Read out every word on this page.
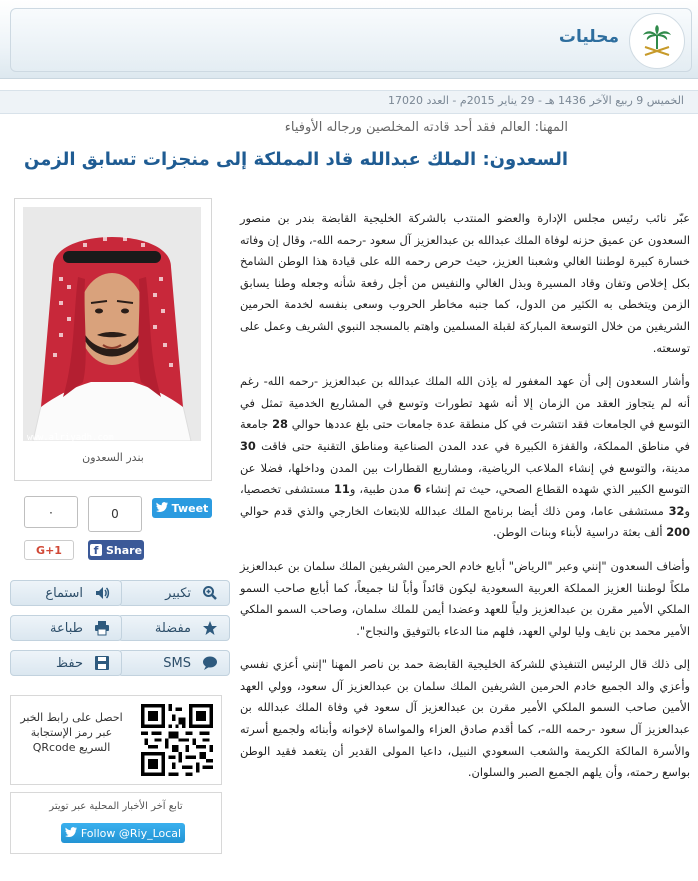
محليات
الخميس 9 ربيع الآخر 1436 هـ - 29 يناير 2015م - العدد 17020
المهنا: العالم فقد أحد قادته المخلصين ورجاله الأوفياء
السعدون: الملك عبدالله قاد المملكة إلى منجزات تسابق الزمن

عبّر نائب رئيس مجلس الإدارة والعضو المنتدب بالشركة الخليجية القابضة بندر بن منصور السعدون عن عميق حزنه لوفاة الملك عبدالله بن عبدالعزيز آل سعود -رحمه الله-، وقال إن وفاته خسارة كبيرة لوطننا الغالي وشعبنا العزيز، حيث حرص رحمه الله على قيادة هذا الوطن الشامخ بكل إخلاص وتفان وقاد المسيرة وبذل الغالي والنفيس من أجل رفعة شأنه وجعله وطنا يسابق الزمن ويتخطى به الكثير من الدول، كما جنبه مخاطر الحروب وسعى بنفسه لخدمة الحرمين الشريفين من خلال التوسعة المباركة لقبلة المسلمين واهتم بالمسجد النبوي الشريف وعمل على توسعته.

وأشار السعدون إلى أن عهد المغفور له بإذن الله الملك عبدالله بن عبدالعزيز -رحمه الله- رغم أنه لم يتجاوز العقد من الزمان إلا أنه شهد تطورات وتوسع في المشاريع الخدمية تمثل في التوسع في الجامعات فقد انتشرت في كل منطقة عدة جامعات حتى بلغ عددها حوالي 28 جامعة في مناطق المملكة، والقفزة الكبيرة في عدد المدن الصناعية ومناطق التقنية حتى فاقت 30 مدينة، والتوسع في إنشاء الملاعب الرياضية، ومشاريع القطارات بين المدن وداخلها، فضلا عن التوسع الكبير الذي شهده القطاع الصحي، حيث تم إنشاء 6 مدن طبية، و11 مستشفى تخصصيا، و32 مستشفى عاما، ومن ذلك أيضا برنامج الملك عبدالله للابتعاث الخارجي والذي قدم حوالي 200 ألف بعثة دراسية لأبناء وبنات الوطن.

وأضاف السعدون "إنني وعبر "الرياض" أبايع خادم الحرمين الشريفين الملك سلمان بن عبدالعزيز ملكاً لوطننا العزيز المملكة العربية السعودية ليكون قائداً وأباً لنا جميعاً، كما أبايع صاحب السمو الملكي الأمير مقرن بن عبدالعزيز ولياً للعهد وعضدا أيمن للملك سلمان، وصاحب السمو الملكي الأمير محمد بن نايف وليا لولي العهد، فلهم منا الدعاء بالتوفيق والنجاح".

إلى ذلك قال الرئيس التنفيذي للشركة الخليجية القابضة حمد بن ناصر المهنا "إنني أعزي نفسي وأعزي والد الجميع خادم الحرمين الشريفين الملك سلمان بن عبدالعزيز آل سعود، وولي العهد الأمين صاحب السمو الملكي الأمير مقرن بن عبدالعزيز آل سعود في وفاة الملك عبدالله بن عبدالعزيز آل سعود -رحمه الله-، كما أقدم صادق العزاء والمواساة لإخوانه وأبنائه ولجميع أسرته والأسرة المالكة الكريمة والشعب السعودي النبيل، داعيا المولى القدير أن يتغمد فقيد الوطن بواسع رحمته، وأن يلهم الجميع الصبر والسلوان.

www.alriyadh.com
بندر السعدون
0
٠	Tweet
f Share
G+1
تكبير
استماع
مفضلة
طباعة
SMS
حفظ
احصل على رابط الخبر عبر رمز الإستجابة السريع QRcode
تابع آخر الأخبار المحلية عبر تويتر
Follow @Riy_Local
